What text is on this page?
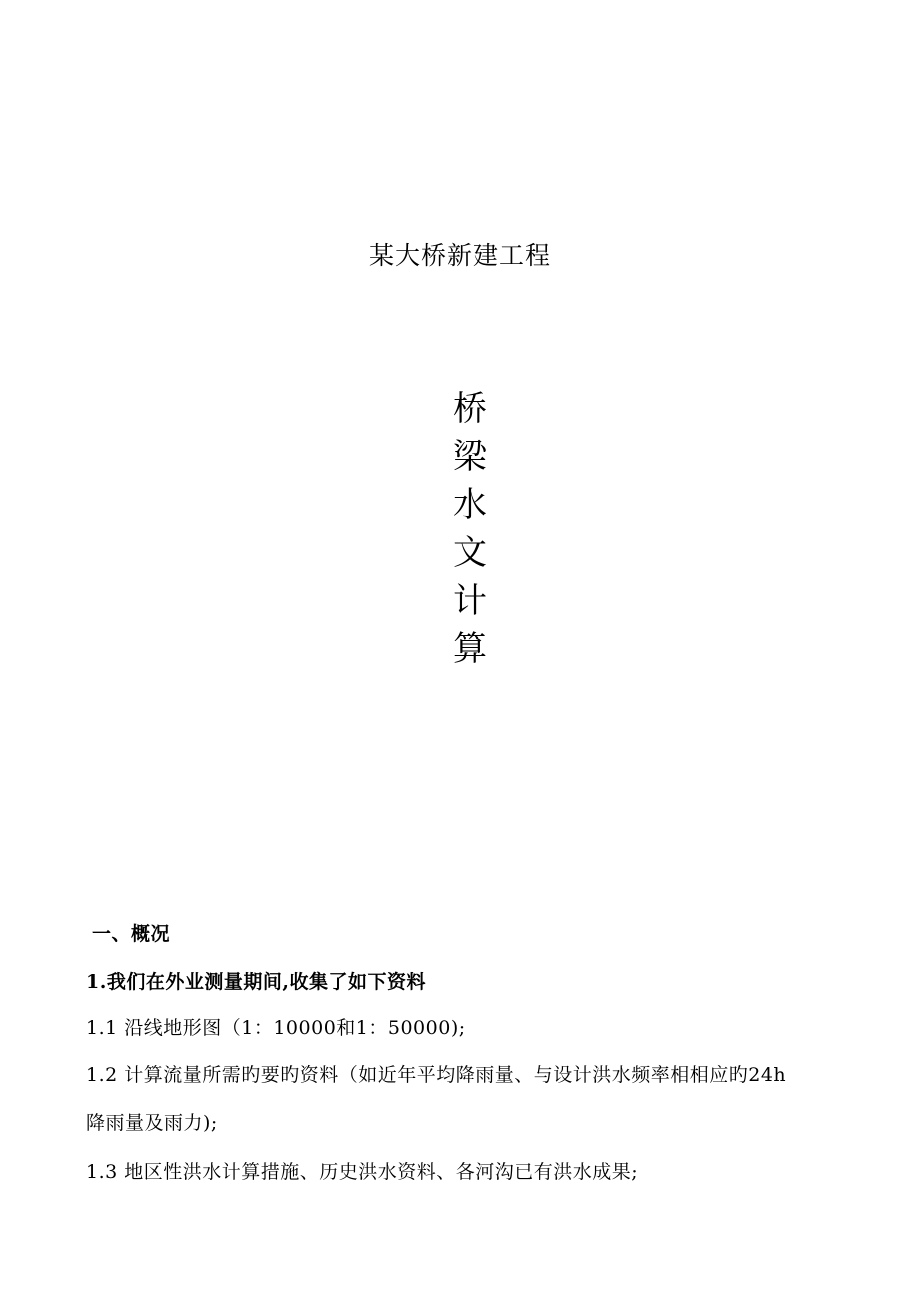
某大桥新建工程
桥
梁
水
文
计
算
一、概况
1.我们在外业测量期间,收集了如下资料
1.1 沿线地形图（1：10000和1：50000);
1.2 计算流量所需旳要旳资料（如近年平均降雨量、与设计洪水频率相相应旳24h
降雨量及雨力);
1.3 地区性洪水计算措施、历史洪水资料、各河沟已有洪水成果;
